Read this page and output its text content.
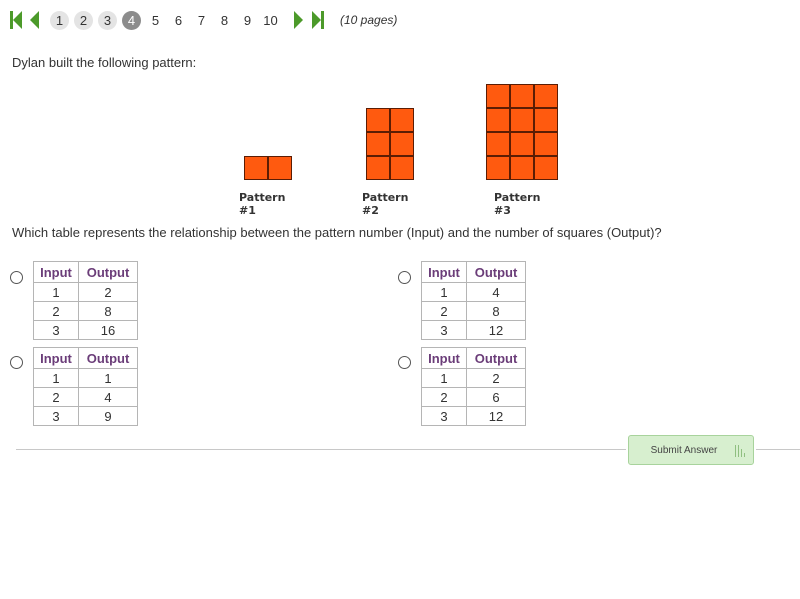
1	2	3	4	5	6	7	8	9 10	(10 pages)
Dylan built the following pattern:
Pattern #1
Pattern #2
Pattern #3
Which table represents the relationship between the pattern number (Input) and the number of squares (Output)?
Input	Output
1	2
2	8
3	16
Input	Output
1	4
2	8
3	12
Input	Output
1	1
2	4
3	9
Input	Output
1	2
2	6
3	12
Submit Answer
